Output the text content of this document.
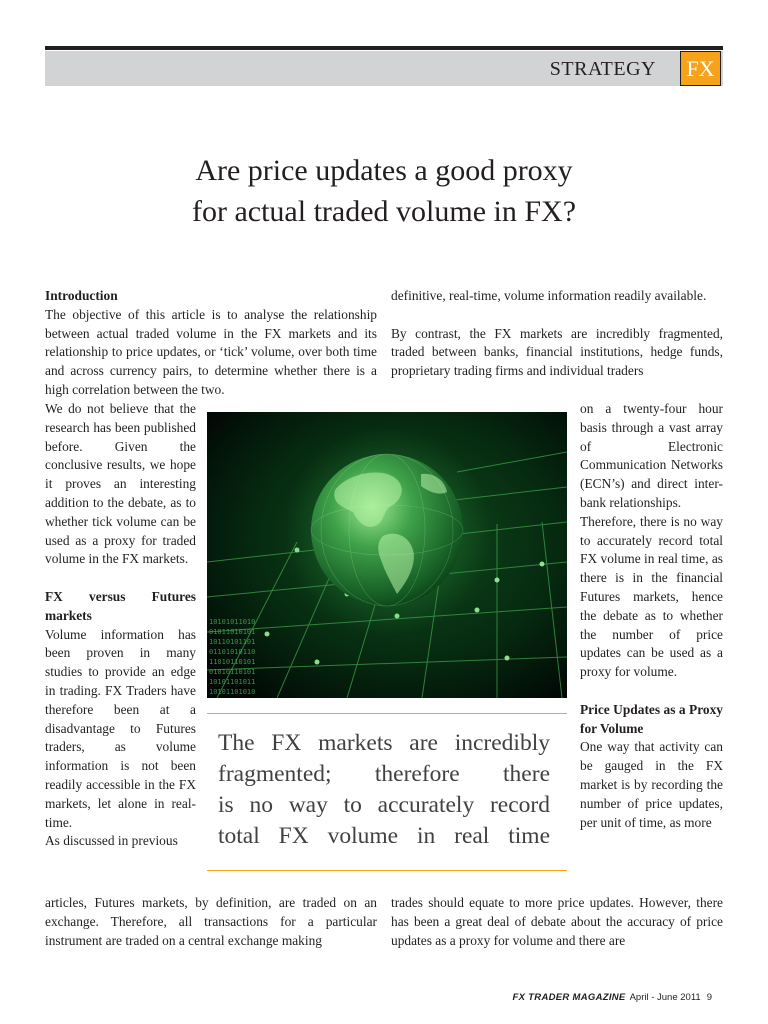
STRATEGY FX
Are price updates a good proxy
for actual traded volume in FX?

Introduction

The objective of this article is to analyse the relationship between actual traded volume in the FX markets and its relationship to price updates, or ‘tick’ volume, over both time and across currency pairs, to determine whether there is a high correlation between the two.

We do not believe that the research has been published before. Given the conclusive results, we hope it proves an interesting addition to the debate, as to whether tick volume can be used as a proxy for traded volume in the FX markets.

FX versus Futures markets

Volume information has been proven in many studies to provide an edge in trading. FX Traders have therefore been at a disadvantage to Futures traders, as volume information is not been readily accessible in the FX markets, let alone in real-time.

As discussed in previous

articles, Futures markets, by definition, are traded on an exchange. Therefore, all transactions for a particular instrument are traded on a central exchange making

definitive, real-time, volume information readily available.

By contrast, the FX markets are incredibly fragmented, traded between banks, financial institutions, hedge funds, proprietary trading firms and individual traders

on a twenty-four hour basis through a vast array of Electronic Communication Networks (ECN’s) and direct inter-bank relationships.

Therefore, there is no way to accurately record total FX volume in real time, as there is in the financial Futures markets, hence the debate as to whether the number of price updates can be used as a proxy for volume.

Price Updates as a Proxy for Volume

One way that activity can be gauged in the FX market is by recording the number of price updates, per unit of time, as more

trades should equate to more price updates. However, there has been a great deal of debate about the accuracy of price updates as a proxy for volume and there are
10101011010
01011010101
10110101101
01101010110
11010110101
01010110101
10101101011
10101101010
The FX markets are incredibly
fragmented; therefore there
is no way to accurately record
total FX volume in real time
FX TRADER MAGAZINE April - June 2011 9
